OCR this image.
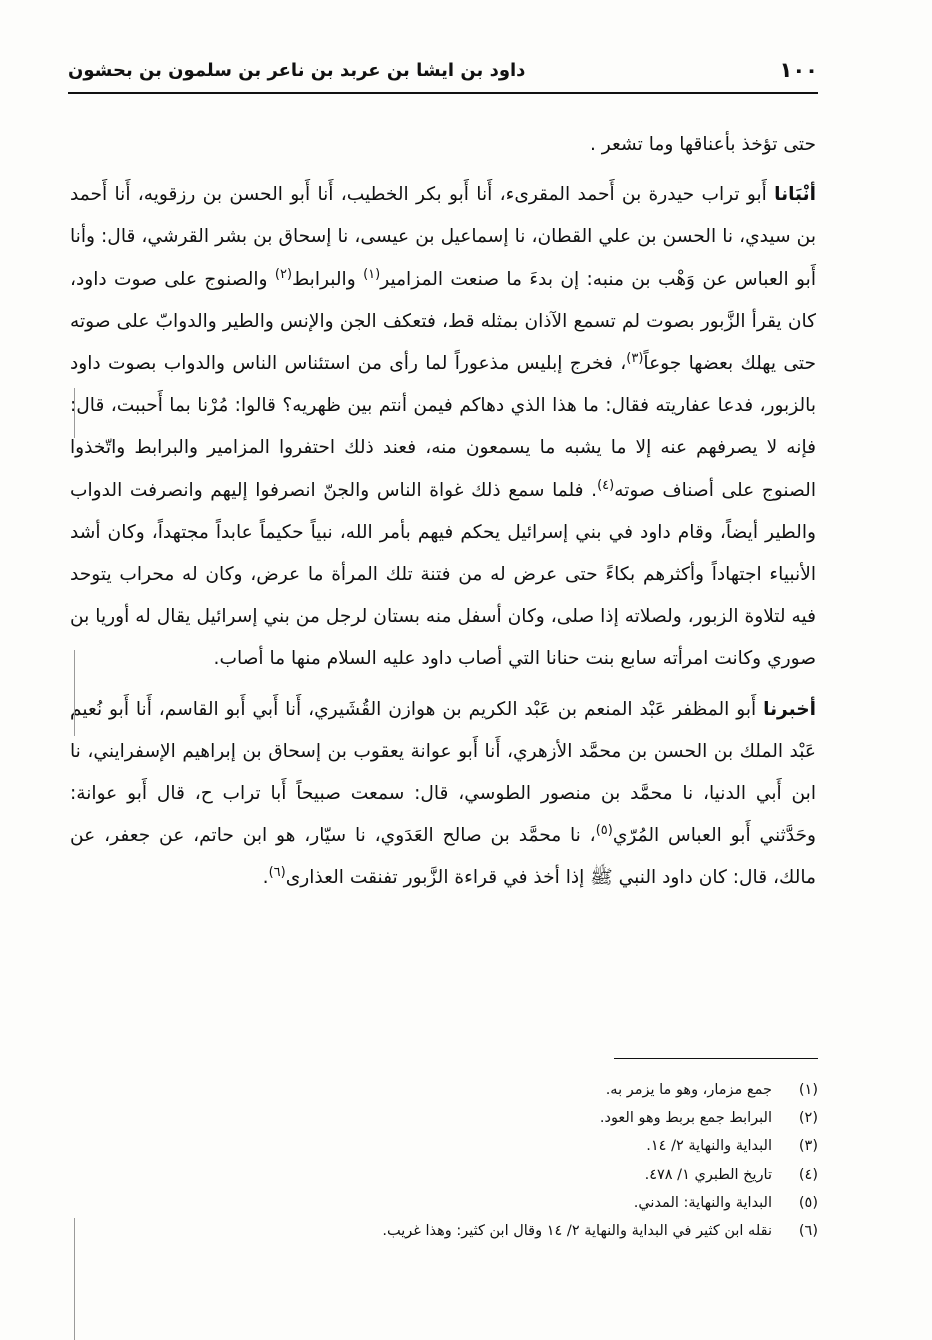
١٠٠
داود بن ايشا بن عربد بن ناعر بن سلمون بن بحشون

حتى تؤخذ بأعناقها وما تشعر .

أنْبَانا أَبو تراب حيدرة بن أَحمد المقرىء، أَنا أَبو بكر الخطيب، أَنا أَبو الحسن بن رزقويه، أَنا أَحمد بن سيدي، نا الحسن بن علي القطان، نا إسماعيل بن عيسى، نا إسحاق بن بشر القرشي، قال: وأنا أَبو العباس عن وَهْب بن منبه: إن بدءَ ما صنعت المزامير$^{(١)}$ والبرابط$^{(٢)}$ والصنوج على صوت داود، كان يقرأ الزَّبور بصوت لم تسمع الآذان بمثله قط، فتعكف الجن والإنس والطير والدوابّ على صوته حتى يهلك بعضها جوعاً$^{(٣)}$، فخرج إبليس مذعوراً لما رأى من استئناس الناس والدواب بصوت داود بالزبور، فدعا عفاريته فقال: ما هذا الذي دهاكم فيمن أنتم بين ظهريه؟ قالوا: مُرْنا بما أَحببت، قال: فإنه لا يصرفهم عنه إلا ما يشبه ما يسمعون منه، فعند ذلك احتفروا المزامير والبرابط واتّخذوا الصنوج على أصناف صوته$^{(٤)}$. فلما سمع ذلك غواة الناس والجنّ انصرفوا إليهم وانصرفت الدواب والطير أيضاً، وقام داود في بني إسرائيل يحكم فيهم بأمر الله، نبياً حكيماً عابداً مجتهداً، وكان أشد الأنبياء اجتهاداً وأكثرهم بكاءً حتى عرض له من فتنة تلك المرأة ما عرض، وكان له محراب يتوحد فيه لتلاوة الزبور، ولصلاته إذا صلى، وكان أسفل منه بستان لرجل من بني إسرائيل يقال له أوريا بن صوري وكانت امرأته سابع بنت حنانا التي أصاب داود عليه السلام منها ما أصاب.

أخبرنا أَبو المظفر عَبْد المنعم بن عَبْد الكريم بن هوازن القُشَيري، أَنا أَبي أَبو القاسم، أَنا أَبو نُعيم عَبْد الملك بن الحسن بن محمَّد الأزهري، أَنا أَبو عوانة يعقوب بن إسحاق بن إبراهيم الإسفرايني، نا ابن أَبي الدنيا، نا محمَّد بن منصور الطوسي، قال: سمعت صبيحاً أَبا تراب ح، قال أَبو عوانة: وحَدَّثني أَبو العباس المُرّي$^{(٥)}$، نا محمَّد بن صالح العَدَوي، نا سيّار، هو ابن حاتم، عن جعفر، عن مالك، قال: كان داود النبي ﷺ إذا أخذ في قراءة الزَّبور تفنقت العذارى$^{(٦)}$.

(١)
جمع مزمار، وهو ما يزمر به.
(٢)
البرابط جمع بربط وهو العود.
(٣)
البداية والنهاية ٢/ ١٤.
(٤)
تاريخ الطبري ١/ ٤٧٨.
(٥)
البداية والنهاية: المدني.
(٦)
نقله ابن كثير في البداية والنهاية ٢/ ١٤ وقال ابن كثير: وهذا غريب.
